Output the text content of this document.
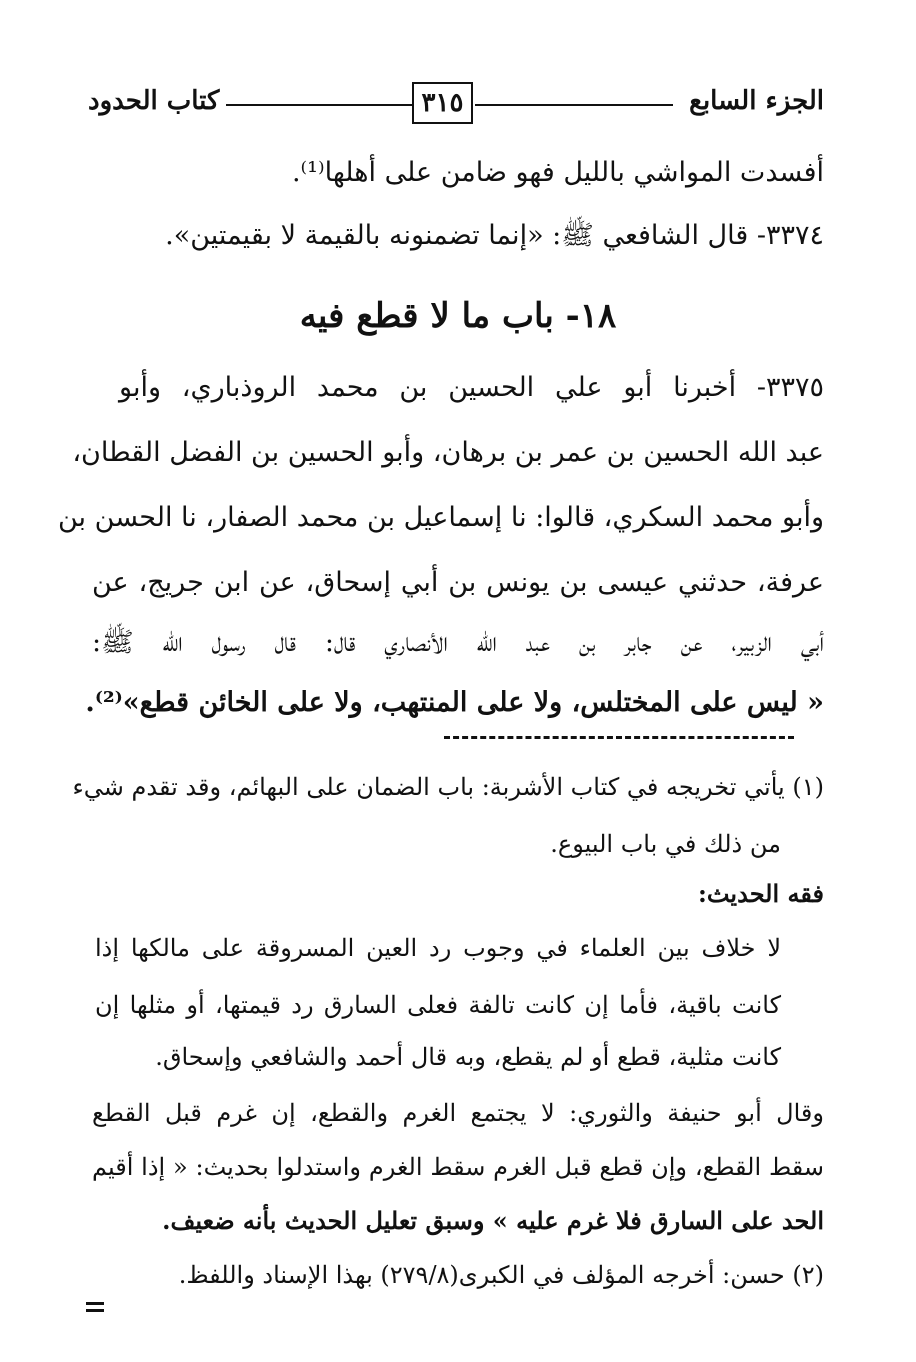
كتاب الحدود	٣١٥	الجزء السابع
أفسدت المواشي بالليل فهو ضامن على أهلها⁽¹⁾.
٣٣٧٤- قال الشافعي ﷺ: «إنما تضمنونه بالقيمة لا بقيمتين».
١٨- باب ما لا قطع فيه
٣٣٧٥- أخبرنا أبو علي الحسين بن محمد الروذباري، وأبو
عبد الله الحسين بن عمر بن برهان، وأبو الحسين بن الفضل القطان،
وأبو محمد السكري، قالوا: نا إسماعيل بن محمد الصفار، نا الحسن بن
عرفة، حدثني عيسى بن يونس بن أبي إسحاق، عن ابن جريج، عن
أبي الزبير، عن جابر بن عبد الله الأنصاري قال: قال رسول الله ﷺ:
« ليس على المختلس، ولا على المنتهب، ولا على الخائن قطع»⁽²⁾.
(١) يأتي تخريجه في كتاب الأشربة: باب الضمان على البهائم، وقد تقدم شيء
من ذلك في باب البيوع.
فقه الحديث:
لا خلاف بين العلماء في وجوب رد العين المسروقة على مالكها إذا
كانت باقية، فأما إن كانت تالفة فعلى السارق رد قيمتها، أو مثلها إن
كانت مثلية، قطع أو لم يقطع، وبه قال أحمد والشافعي وإسحاق.
وقال أبو حنيفة والثوري: لا يجتمع الغرم والقطع، إن غرم قبل القطع
سقط القطع، وإن قطع قبل الغرم سقط الغرم واستدلوا بحديث: « إذا أقيم
الحد على السارق فلا غرم عليه » وسبق تعليل الحديث بأنه ضعيف.
(٢) حسن: أخرجه المؤلف في الكبرى(٢٧٩/٨) بهذا الإسناد واللفظ.
